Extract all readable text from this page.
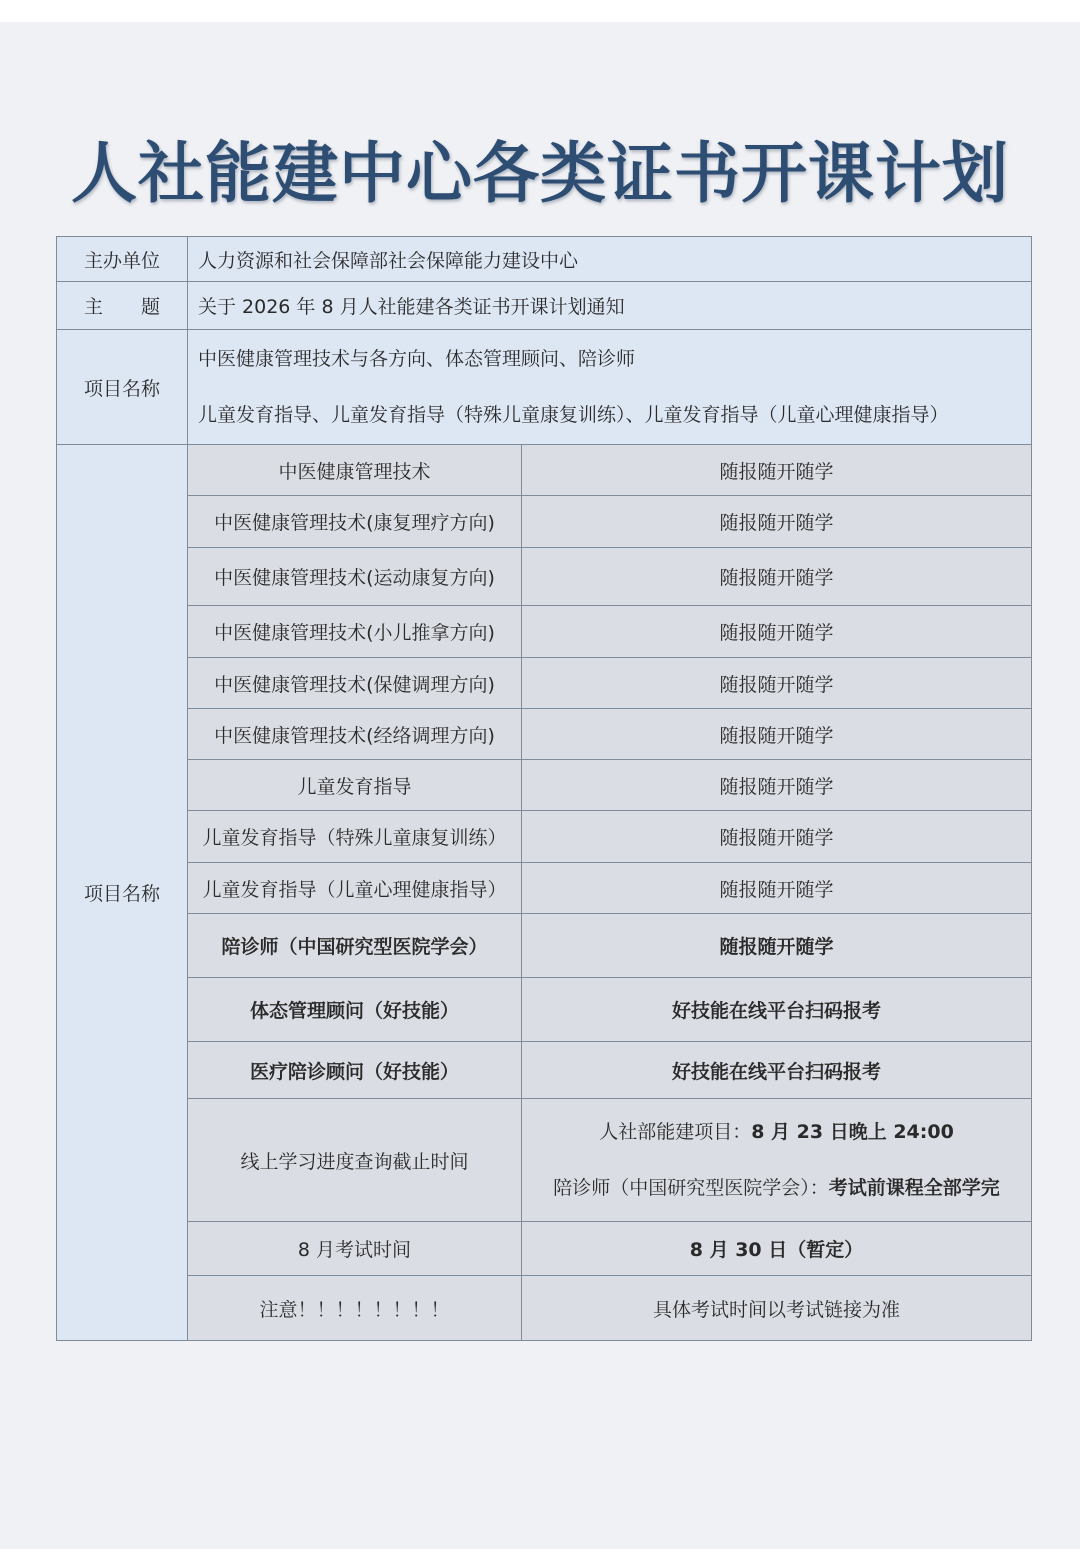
人社能建中心各类证书开课计划
主办单位	人力资源和社会保障部社会保障能力建设中心	
主　　题	关于 2026 年 8 月人社能建各类证书开课计划通知	
项目名称	中医健康管理技术与各方向、体态管理顾问、陪诊师
儿童发育指导、儿童发育指导（特殊儿童康复训练）、儿童发育指导（儿童心理健康指导）	

项目名称	中医健康管理技术	随报随开随学
	中医健康管理技术(康复理疗方向)	随报随开随学
	中医健康管理技术(运动康复方向)	随报随开随学
	中医健康管理技术(小儿推拿方向)	随报随开随学
	中医健康管理技术(保健调理方向)	随报随开随学
	中医健康管理技术(经络调理方向)	随报随开随学
	儿童发育指导	随报随开随学
	儿童发育指导（特殊儿童康复训练）	随报随开随学
	儿童发育指导（儿童心理健康指导）	随报随开随学
	陪诊师（中国研究型医院学会）	随报随开随学
	体态管理顾问（好技能）	好技能在线平台扫码报考
	医疗陪诊顾问（好技能）	好技能在线平台扫码报考
	线上学习进度查询截止时间	人社部能建项目：8 月 23 日晚上 24:00
陪诊师（中国研究型医院学会）：考试前课程全部学完

	8 月考试时间	8 月 30 日（暂定）
	注意！！！！！！！！	具体考试时间以考试链接为准
